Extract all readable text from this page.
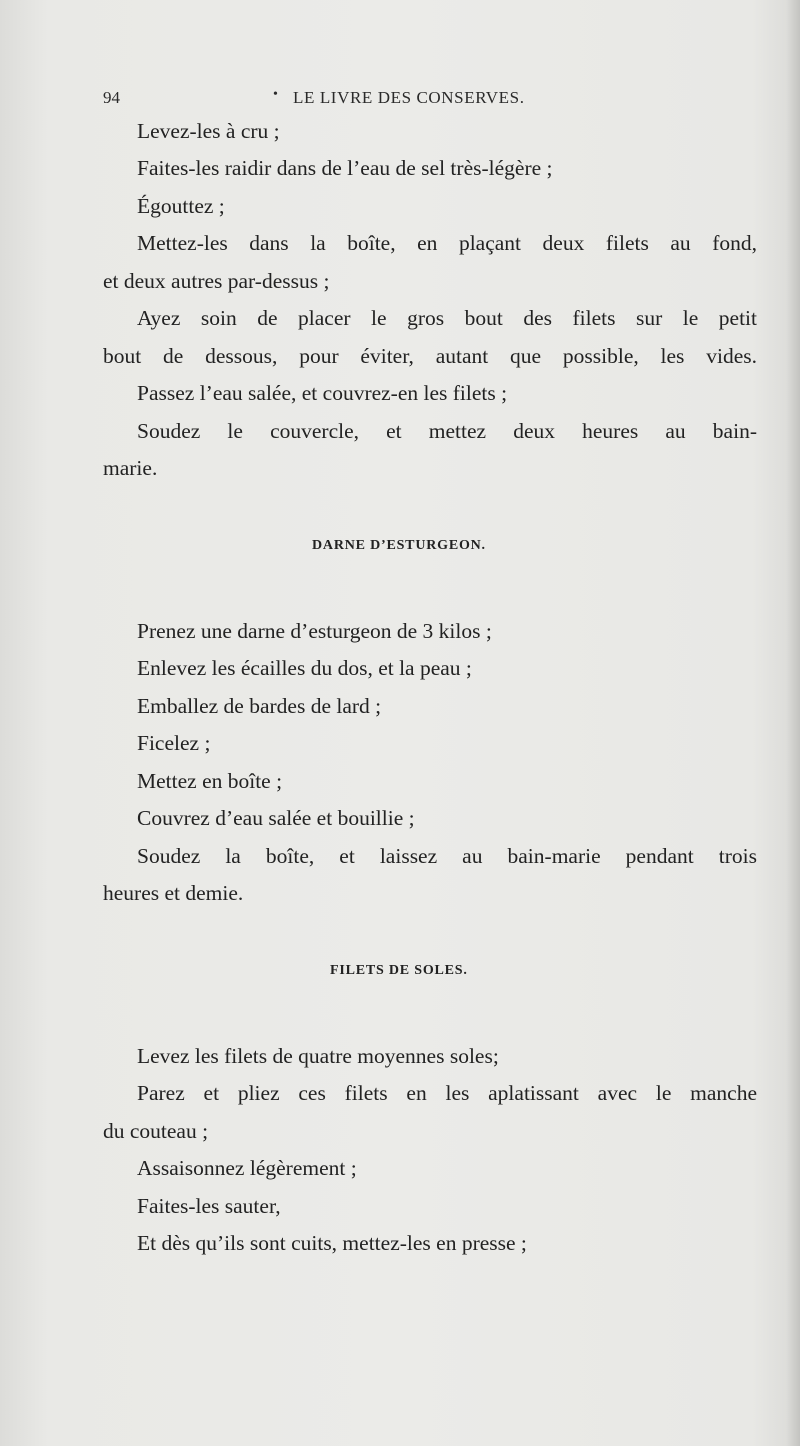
94	• LE LIVRE DES CONSERVES.
Levez-les à cru ;
Faites-les raidir dans de l’eau de sel très-légère ;
Égouttez ;
Mettez-les dans la boîte, en plaçant deux filets au fond,
et deux autres par-dessus ;
Ayez soin de placer le gros bout des filets sur le petit
bout de dessous, pour éviter, autant que possible, les vides.
Passez l’eau salée, et couvrez-en les filets ;
Soudez le couvercle, et mettez deux heures au bain-
marie.
DARNE D’ESTURGEON.
Prenez une darne d’esturgeon de 3 kilos ;
Enlevez les écailles du dos, et la peau ;
Emballez de bardes de lard ;
Ficelez ;
Mettez en boîte ;
Couvrez d’eau salée et bouillie ;
Soudez la boîte, et laissez au bain-marie pendant trois
heures et demie.
FILETS DE SOLES.
Levez les filets de quatre moyennes soles;
Parez et pliez ces filets en les aplatissant avec le manche
du couteau ;
Assaisonnez légèrement ;
Faites-les sauter,
Et dès qu’ils sont cuits, mettez-les en presse ;
